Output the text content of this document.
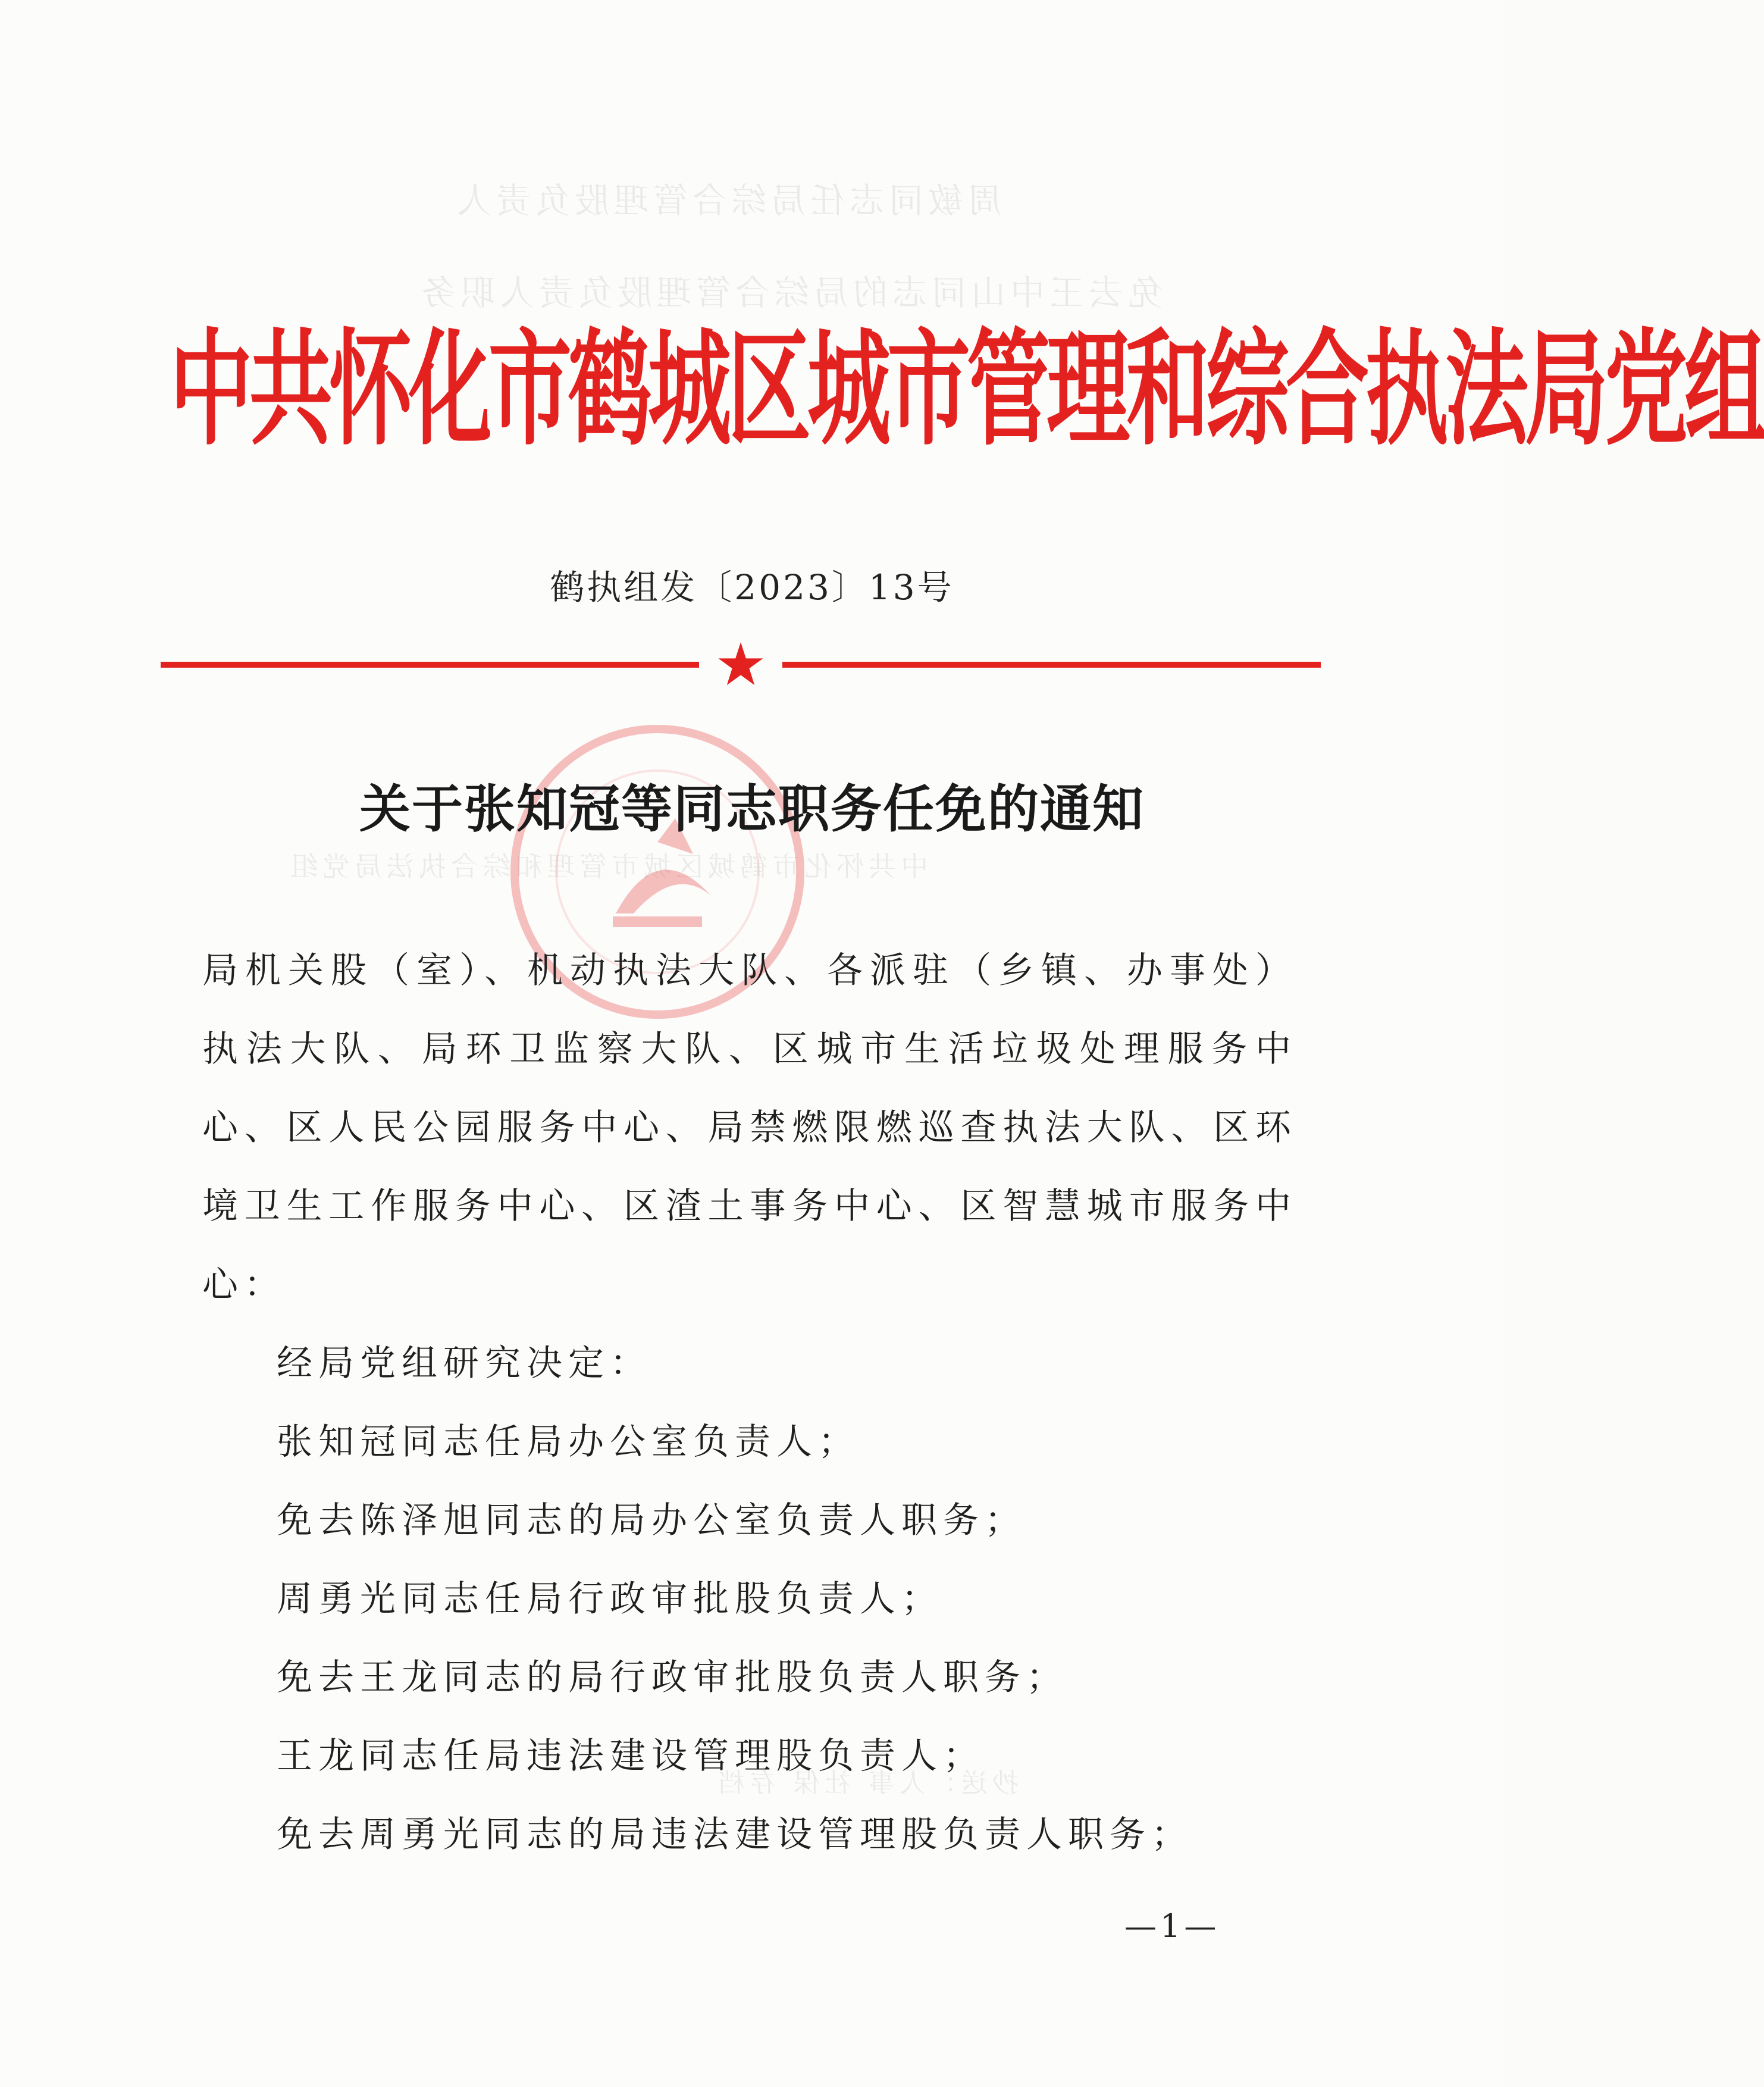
周敏同志任局综合管理股负责人
免去王中山同志的局综合管理股负责人职务
中共怀化市鹤城区城市管理和综合执法局党组
抄送：人事 社保 存档
中共怀化市鹤城区城市管理和综合执法局党组
鹤执组发〔2023〕13号
关于张知冠等同志职务任免的通知
局机关股（室）、机动执法大队、各派驻（乡镇、办事处）执法大队、局环卫监察大队、区城市生活垃圾处理服务中心、区人民公园服务中心、局禁燃限燃巡查执法大队、区环境卫生工作服务中心、区渣土事务中心、区智慧城市服务中心：
经局党组研究决定：
张知冠同志任局办公室负责人；
免去陈泽旭同志的局办公室负责人职务；
周勇光同志任局行政审批股负责人；
免去王龙同志的局行政审批股负责人职务；
王龙同志任局违法建设管理股负责人；
免去周勇光同志的局违法建设管理股负责人职务；
—1—
